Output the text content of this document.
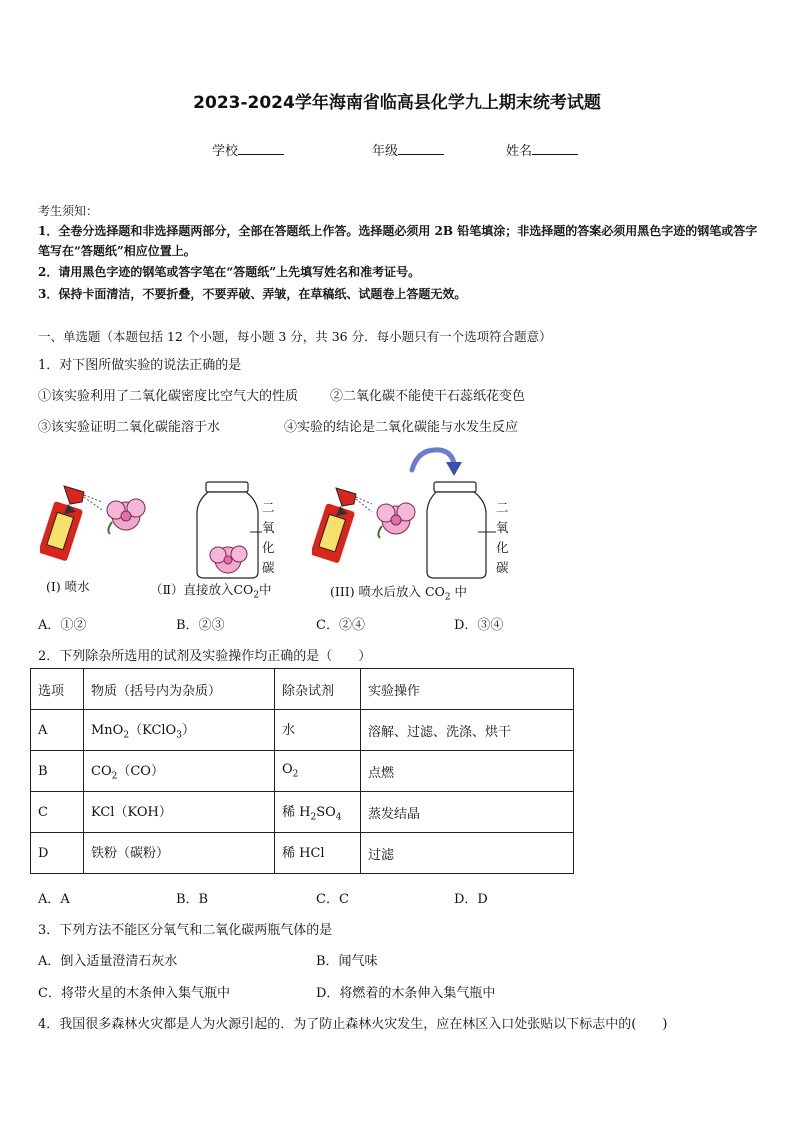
2023-2024学年海南省临高县化学九上期末统考试题
学校	年级	姓名
考生须知：
1．全卷分选择题和非选择题两部分，全部在答题纸上作答。选择题必须用 2B 铅笔填涂；非选择题的答案必须用黑色字迹的钢笔或答字笔写在“答题纸”相应位置上。
2．请用黑色字迹的钢笔或答字笔在“答题纸”上先填写姓名和准考证号。
3．保持卡面清洁，不要折叠，不要弄破、弄皱，在草稿纸、试题卷上答题无效。
一、单选题（本题包括 12 个小题，每小题 3 分，共 36 分．每小题只有一个选项符合题意）
1．对下图所做实验的说法正确的是
①该实验利用了二氧化碳密度比空气大的性质 ②二氧化碳不能使干石蕊纸花变色
③该实验证明二氧化碳能溶于水	④实验的结论是二氧化碳能与水发生反应
(I) 喷水
二氧化碳
（Ⅱ）直接放入$CO_2$中
二氧化碳
(III) 喷水后放入 $CO_2$ 中
A．①②	B．②③	C．②④	D．③④
2．下列除杂所选用的试剂及实验操作均正确的是（　　）
选项	物质（括号内为杂质）	除杂试剂	实验操作
A	MnO$_2$（KClO$_3$）	水	溶解、过滤、洗涤、烘干
B	$CO_2(CO)$	$O_2$	点燃
C	KCl（KOH）	稀 $H_2SO_4$	蒸发结晶
D	铁粉（碳粉）	稀 HCl	过滤
A．A	B．B	C．C	D．D
3．下列方法不能区分氧气和二氧化碳两瓶气体的是
A．倒入适量澄清石灰水	B．闻气味
C．将带火星的木条伸入集气瓶中	D．将燃着的木条伸入集气瓶中
4．我国很多森林火灾都是人为火源引起的．为了防止森林火灾发生，应在林区入口处张贴以下标志中的(　　)
